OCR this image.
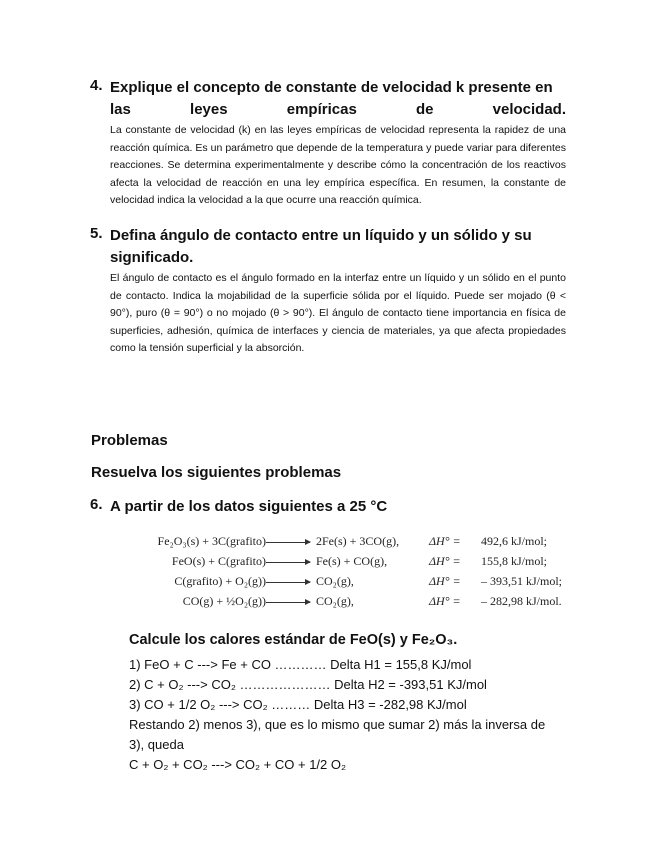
4. Explique el concepto de constante de velocidad k presente en
las leyes empíricas de velocidad.
La constante de velocidad (k) en las leyes empíricas de velocidad representa la rapidez de una reacción química. Es un parámetro que depende de la temperatura y puede variar para diferentes reacciones. Se determina experimentalmente y describe cómo la concentración de los reactivos afecta la velocidad de reacción en una ley empírica específica. En resumen, la constante de velocidad indica la velocidad a la que ocurre una reacción química.
5. Defina ángulo de contacto entre un líquido y un sólido y su
significado.
El ángulo de contacto es el ángulo formado en la interfaz entre un líquido y un sólido en el punto de contacto. Indica la mojabilidad de la superficie sólida por el líquido. Puede ser mojado (θ < 90°), puro (θ = 90°) o no mojado (θ > 90°). El ángulo de contacto tiene importancia en física de superficies, adhesión, química de interfaces y ciencia de materiales, ya que afecta propiedades como la tensión superficial y la absorción.
Problemas
Resuelva los siguientes problemas
6. A partir de los datos siguientes a 25 °C
Fe₂O₃(s) + 3C(grafito) → 2Fe(s) + 3CO(g), ΔH° = 492,6 kJ/mol;
FeO(s) + C(grafito) → Fe(s) + CO(g),	ΔH° = 155,8 kJ/mol;
C(grafito) + O₂(g)) → CO₂(g),	ΔH° = – 393,51 kJ/mol;
CO(g) + ½O₂(g)) → CO₂(g),	ΔH° = – 282,98 kJ/mol.
Calcule los calores estándar de FeO(s) y Fe₂O₃.
1) FeO + C ---> Fe + CO ………… Delta H1 = 155,8 KJ/mol
2) C + O₂ ---> CO₂ ………………… Delta H2 = -393,51 KJ/mol
3) CO + 1/2 O₂ ---> CO₂ ……… Delta H3 = -282,98 KJ/mol
Restando 2) menos 3), que es lo mismo que sumar 2) más la inversa de
3), queda
C + O₂ + CO₂ ---> CO₂ + CO + 1/2 O₂
